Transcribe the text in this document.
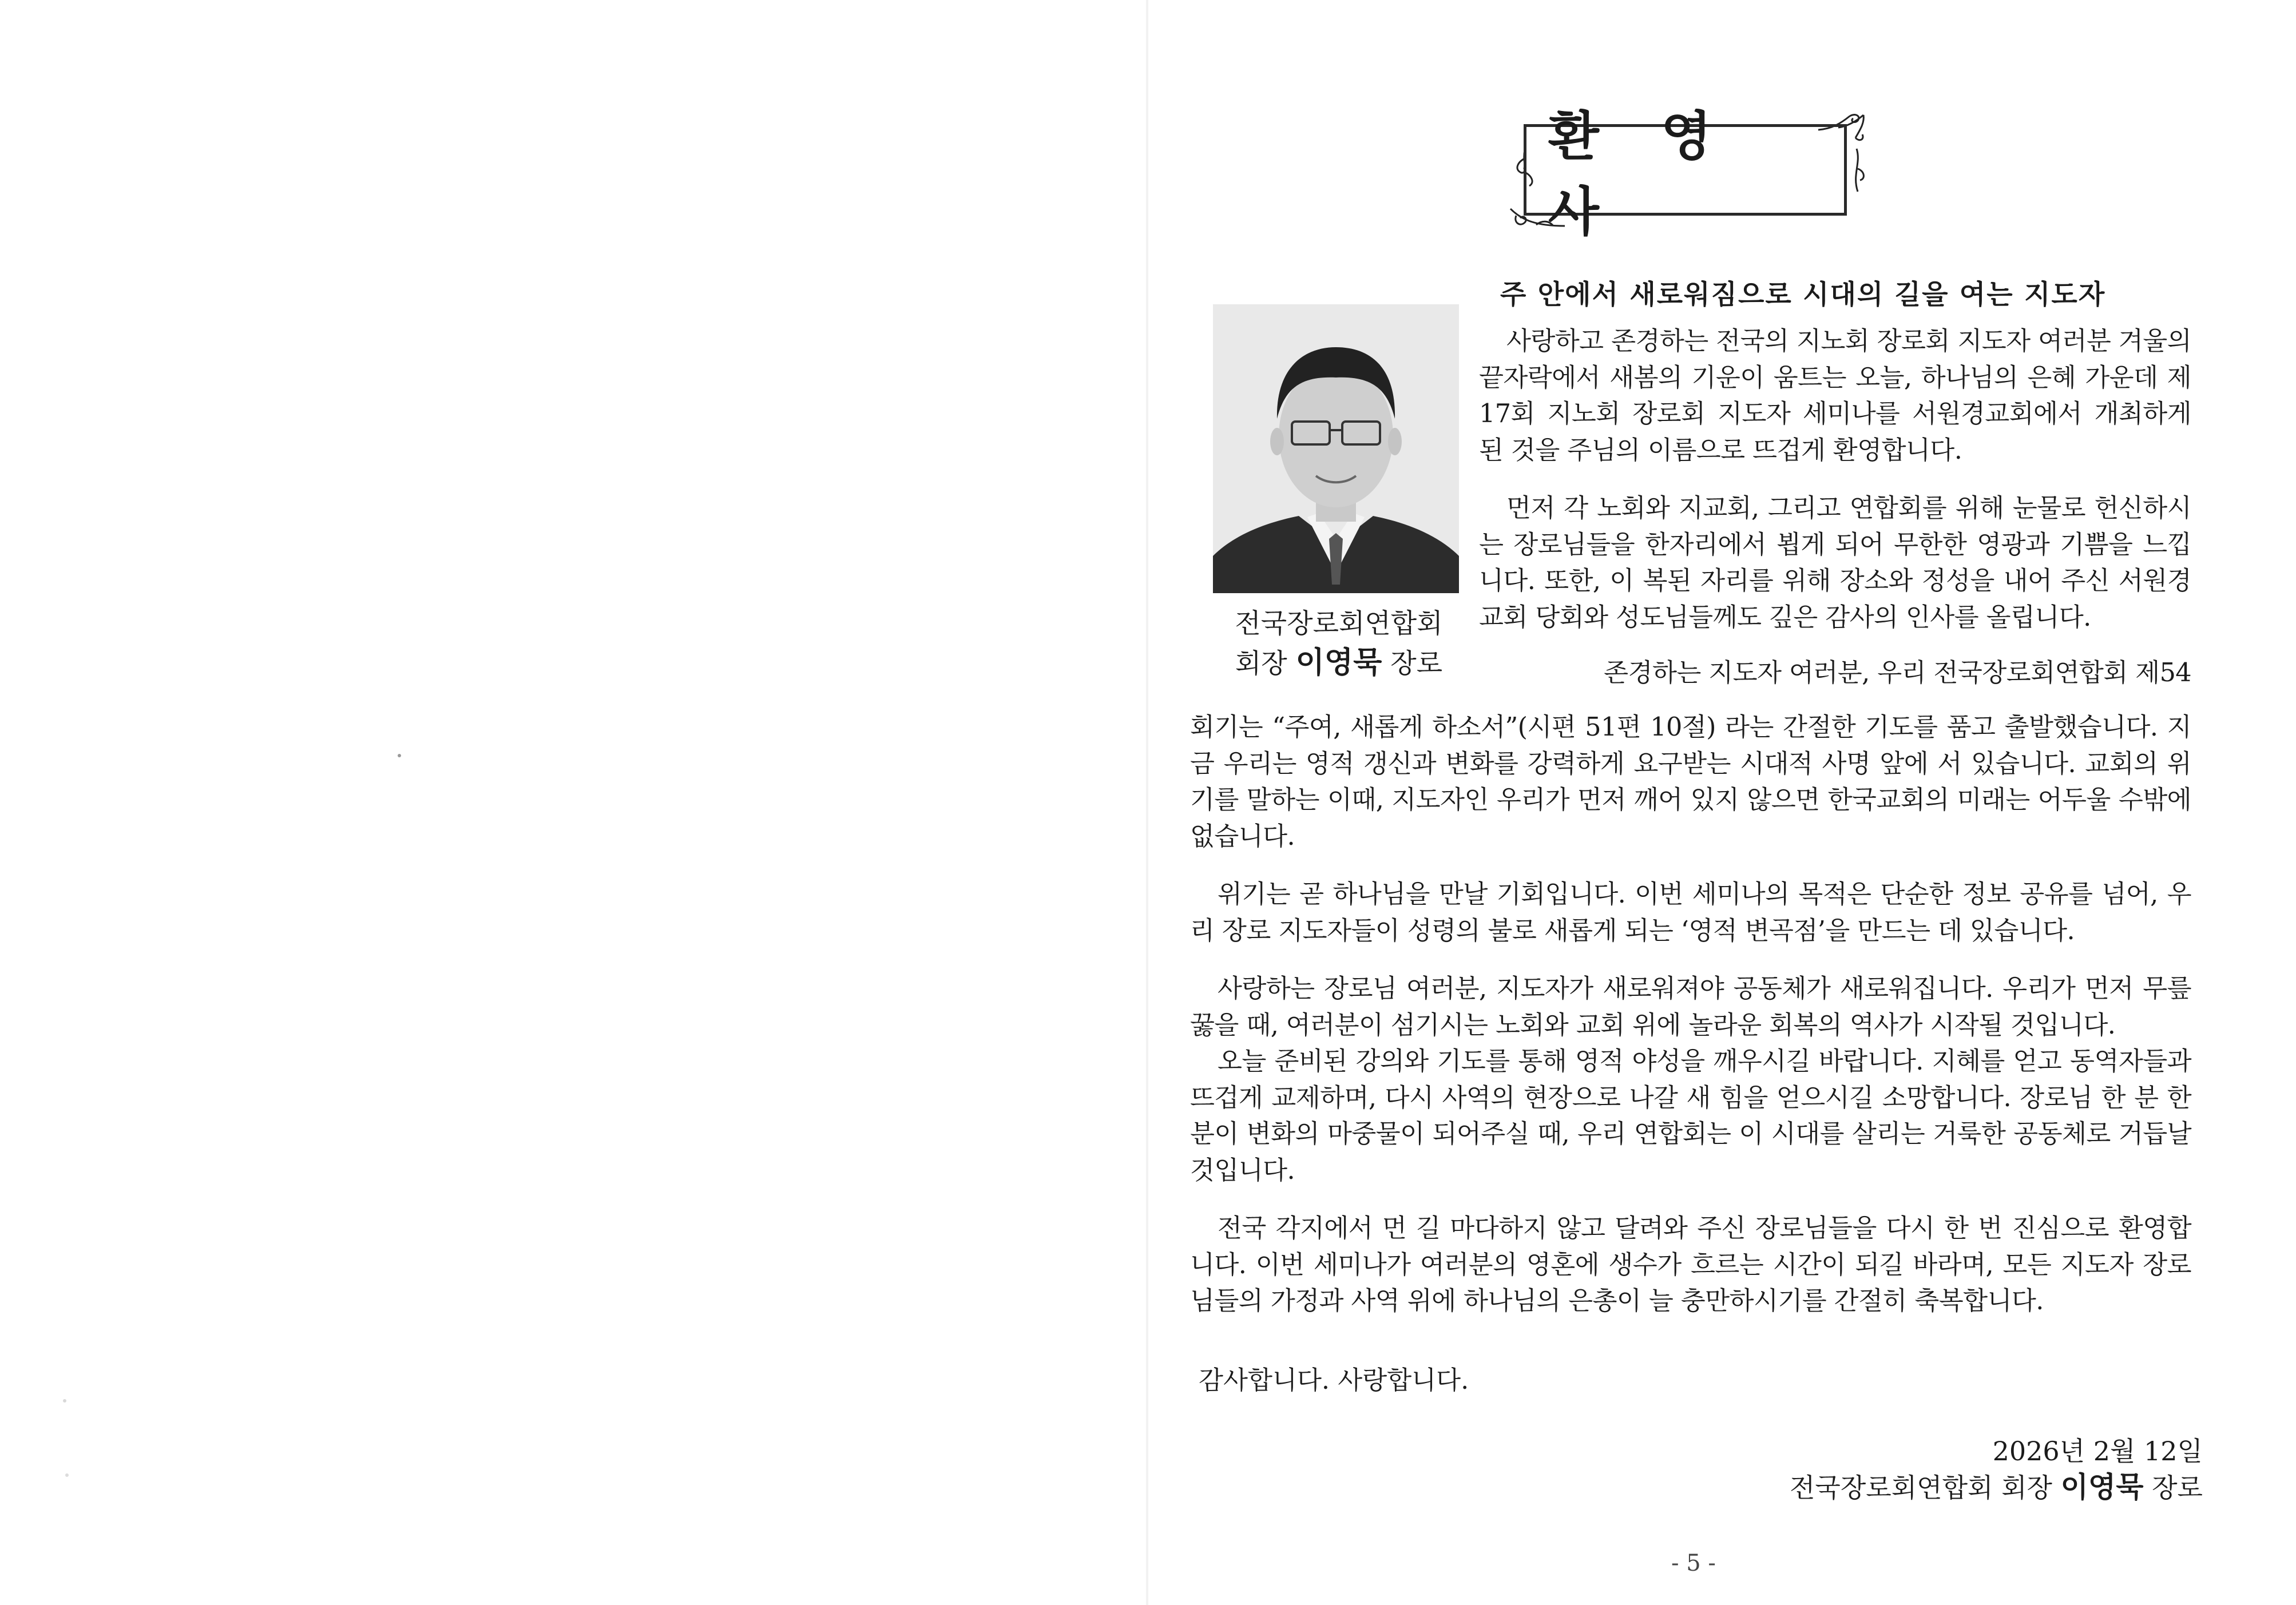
환 영 사
주 안에서 새로워짐으로 시대의 길을 여는 지도자
전국장로회연합회
회장 이영묵 장로

사랑하고 존경하는 전국의 지노회 장로회 지도자 여러분 겨울의 끝자락에서 새봄의 기운이 움트는 오늘, 하나님의 은혜 가운데 제17회 지노회 장로회 지도자 세미나를 서원경교회에서 개최하게 된 것을 주님의 이름으로 뜨겁게 환영합니다.

먼저 각 노회와 지교회, 그리고 연합회를 위해 눈물로 헌신하시는 장로님들을 한자리에서 뵙게 되어 무한한 영광과 기쁨을 느낍니다. 또한, 이 복된 자리를 위해 장소와 정성을 내어 주신 서원경교회 당회와 성도님들께도 깊은 감사의 인사를 올립니다.

존경하는 지도자 여러분, 우리 전국장로회연합회 제54

회기는 “주여, 새롭게 하소서”(시편 51편 10절) 라는 간절한 기도를 품고 출발했습니다. 지금 우리는 영적 갱신과 변화를 강력하게 요구받는 시대적 사명 앞에 서 있습니다. 교회의 위기를 말하는 이때, 지도자인 우리가 먼저 깨어 있지 않으면 한국교회의 미래는 어두울 수밖에 없습니다.

위기는 곧 하나님을 만날 기회입니다. 이번 세미나의 목적은 단순한 정보 공유를 넘어, 우리 장로 지도자들이 성령의 불로 새롭게 되는 ‘영적 변곡점’을 만드는 데 있습니다.

사랑하는 장로님 여러분, 지도자가 새로워져야 공동체가 새로워집니다. 우리가 먼저 무릎 꿇을 때, 여러분이 섬기시는 노회와 교회 위에 놀라운 회복의 역사가 시작될 것입니다.

오늘 준비된 강의와 기도를 통해 영적 야성을 깨우시길 바랍니다. 지혜를 얻고 동역자들과 뜨겁게 교제하며, 다시 사역의 현장으로 나갈 새 힘을 얻으시길 소망합니다. 장로님 한 분 한 분이 변화의 마중물이 되어주실 때, 우리 연합회는 이 시대를 살리는 거룩한 공동체로 거듭날 것입니다.

전국 각지에서 먼 길 마다하지 않고 달려와 주신 장로님들을 다시 한 번 진심으로 환영합니다. 이번 세미나가 여러분의 영혼에 생수가 흐르는 시간이 되길 바라며, 모든 지도자 장로님들의 가정과 사역 위에 하나님의 은총이 늘 충만하시기를 간절히 축복합니다.

감사합니다. 사랑합니다.
2026년 2월 12일
전국장로회연합회 회장 이영묵 장로
- 5 -
